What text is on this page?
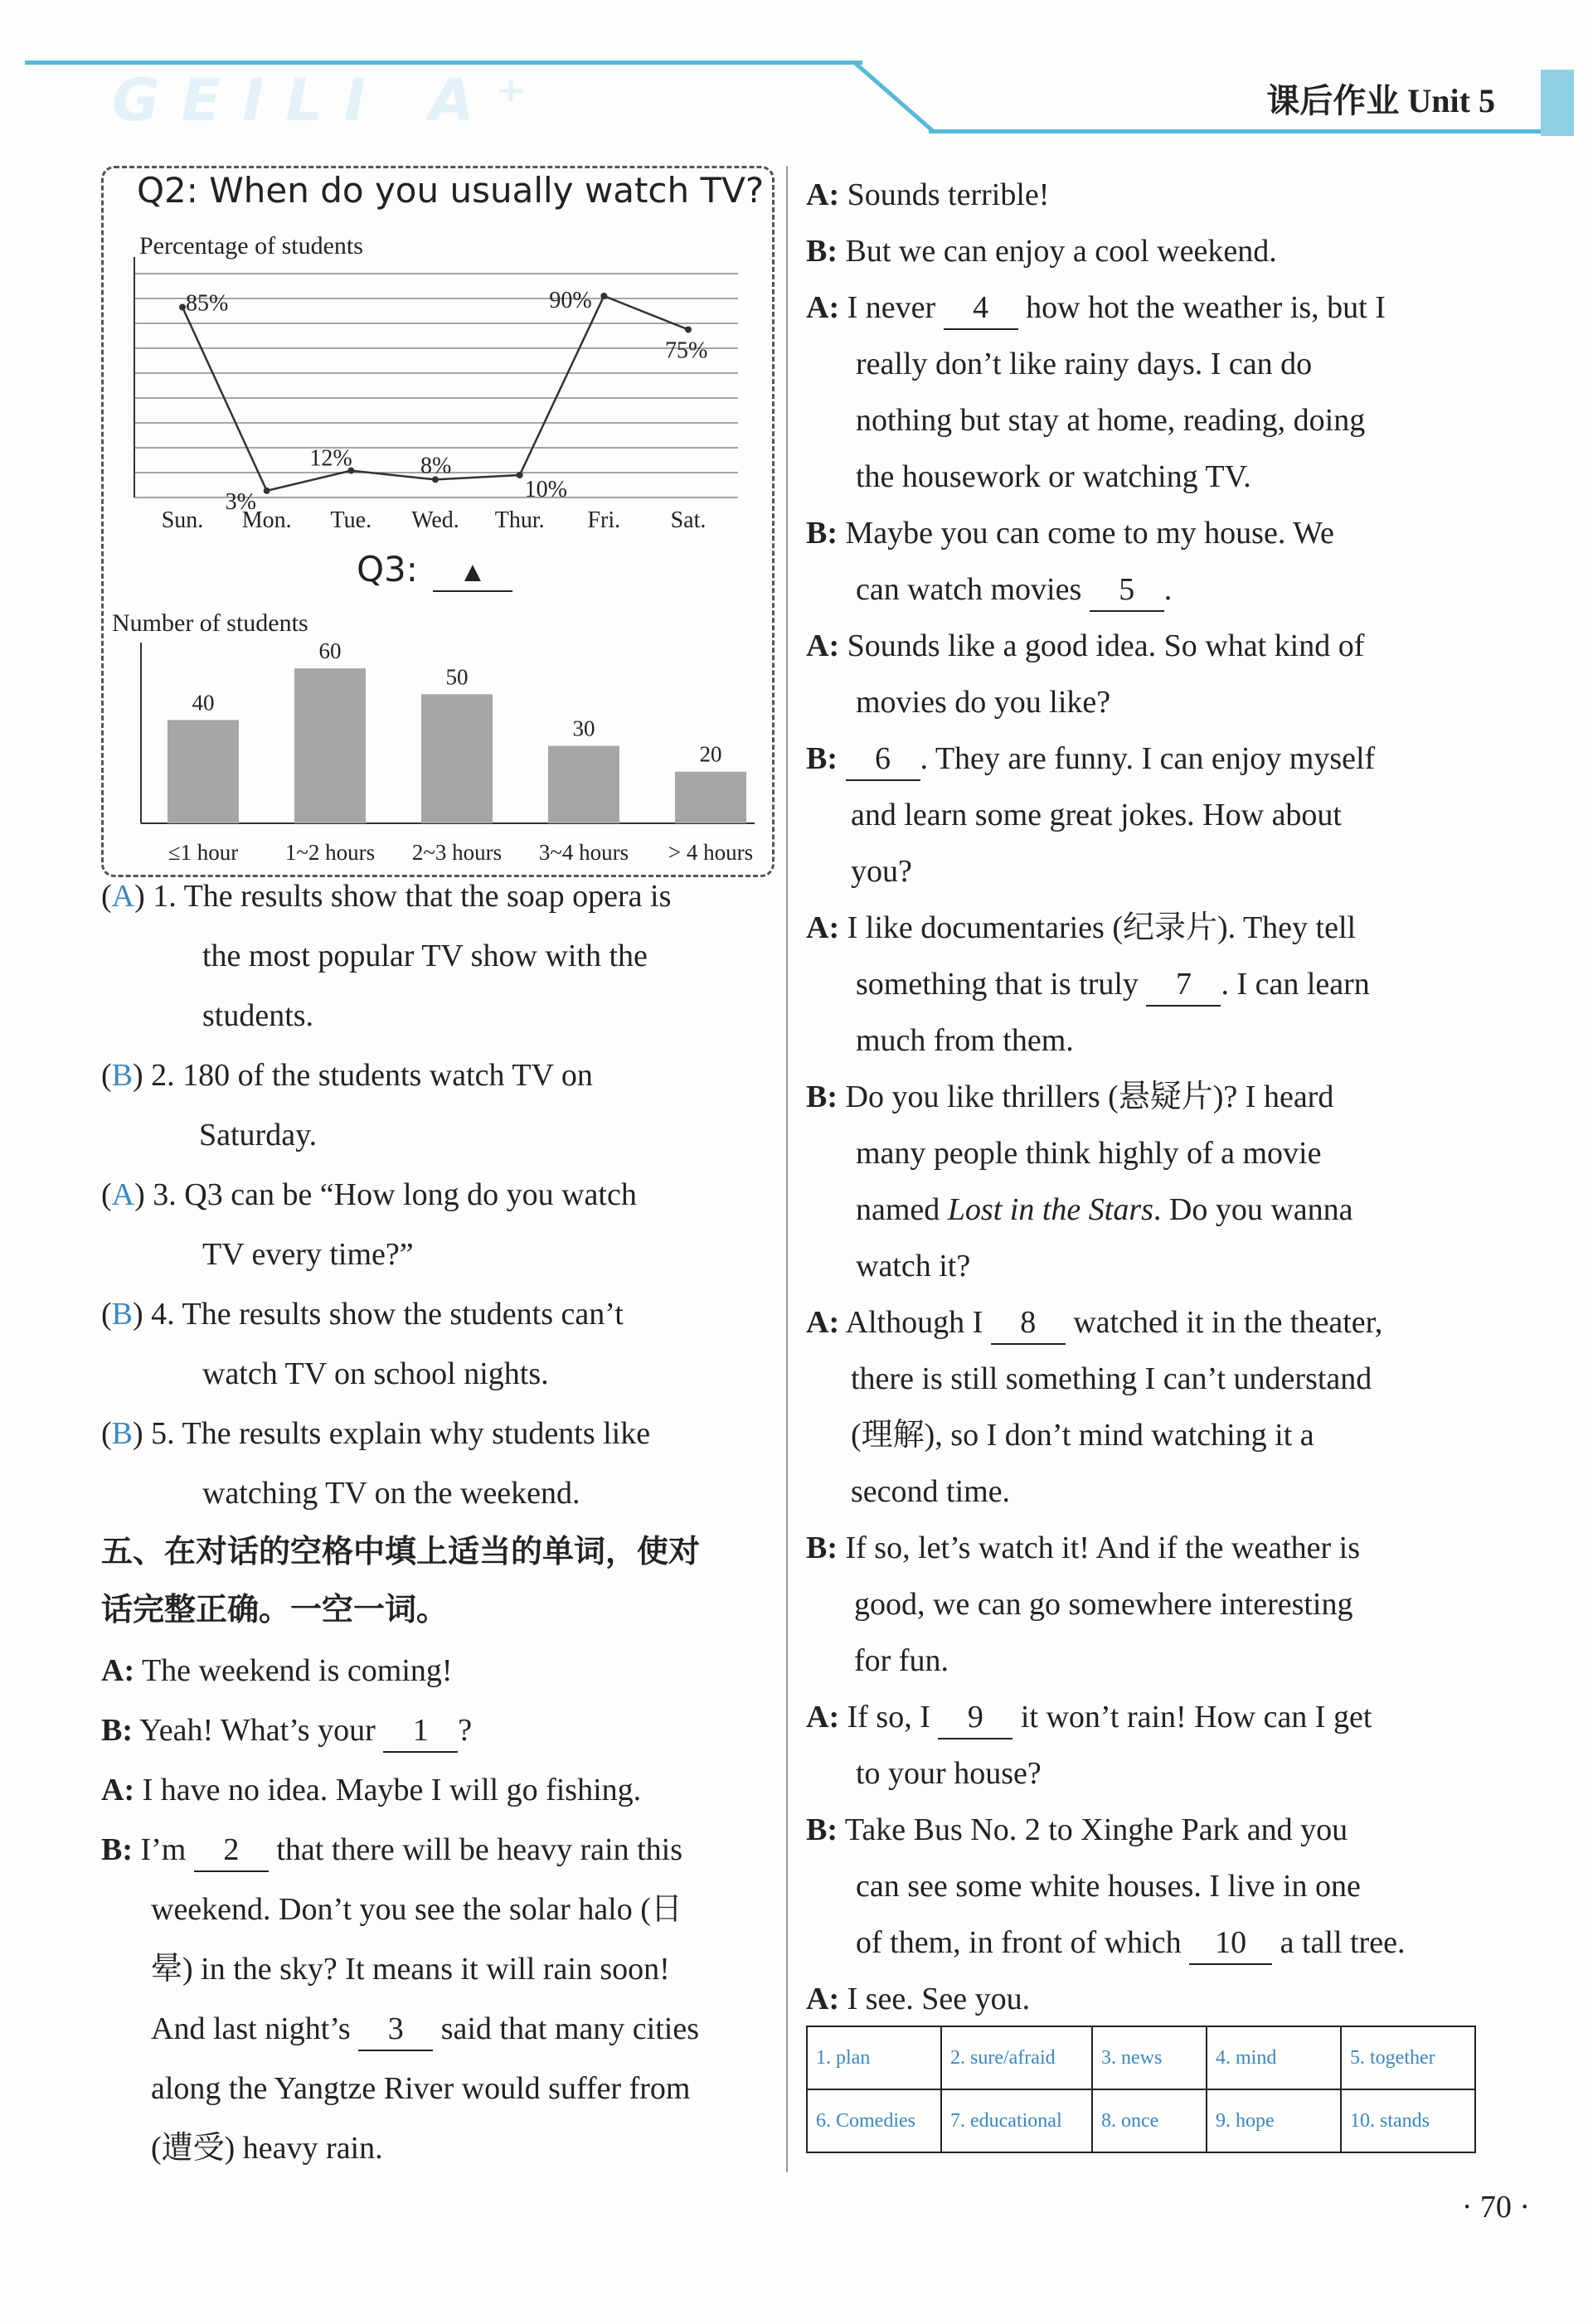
GEILI A⁺	课后作业 Unit 5
Q2: When do you usually watch TV?
Percentage of students
85%
3%
12%	8%
10%
90%
75%
Sun. Mon. Tue. Wed. Thur. Fri. Sat.
Q3:	▲
Number of students
40
60
50
30
20
≤1 hour 1~2 hours 2~3 hours 3~4 hours > 4 hours
(A) 1. The results show that the soap opera is
the most popular TV show with the
students.
(B) 2. 180 of the students watch TV on
Saturday.
(A) 3. Q3 can be “How long do you watch
TV every time?”
(B) 4. The results show the students can’t
watch TV on school nights.
(B) 5. The results explain why students like
watching TV on the weekend.
五、在对话的空格中填上适当的单词，使对
话完整正确。一空一词。
A: The weekend is coming!
B: Yeah! What’s your 1 ?
A: I have no idea. Maybe I will go fishing.
B: I’m 2 that there will be heavy rain this
weekend. Don’t you see the solar halo (日
晕) in the sky? It means it will rain soon!
And last night’s 3 said that many cities
along the Yangtze River would suffer from
(遭受) heavy rain.
A: Sounds terrible!
B: But we can enjoy a cool weekend.
A: I never 4 how hot the weather is, but I
really don’t like rainy days. I can do
nothing but stay at home, reading, doing
the housework or watching TV.
B: Maybe you can come to my house. We
can watch movies 5 .
A: Sounds like a good idea. So what kind of
movies do you like?
B: 6 . They are funny. I can enjoy myself
and learn some great jokes. How about
you?
A: I like documentaries (纪录片). They tell
something that is truly 7 . I can learn
much from them.
B: Do you like thrillers (悬疑片)? I heard
many people think highly of a movie
named Lost in the Stars. Do you wanna
watch it?
A: Although I 8 watched it in the theater,
there is still something I can’t understand
(理解), so I don’t mind watching it a
second time.
B: If so, let’s watch it! And if the weather is
good, we can go somewhere interesting
for fun.
A: If so, I 9 it won’t rain! How can I get
to your house?
B: Take Bus No. 2 to Xinghe Park and you
can see some white houses. I live in one
of them, in front of which 10 a tall tree.
A: I see. See you.
1. plan	2. sure/afraid	3. news	4. mind	5. together
6. Comedies	7. educational	8. once	9. hope	10. stands
· 70 ·
